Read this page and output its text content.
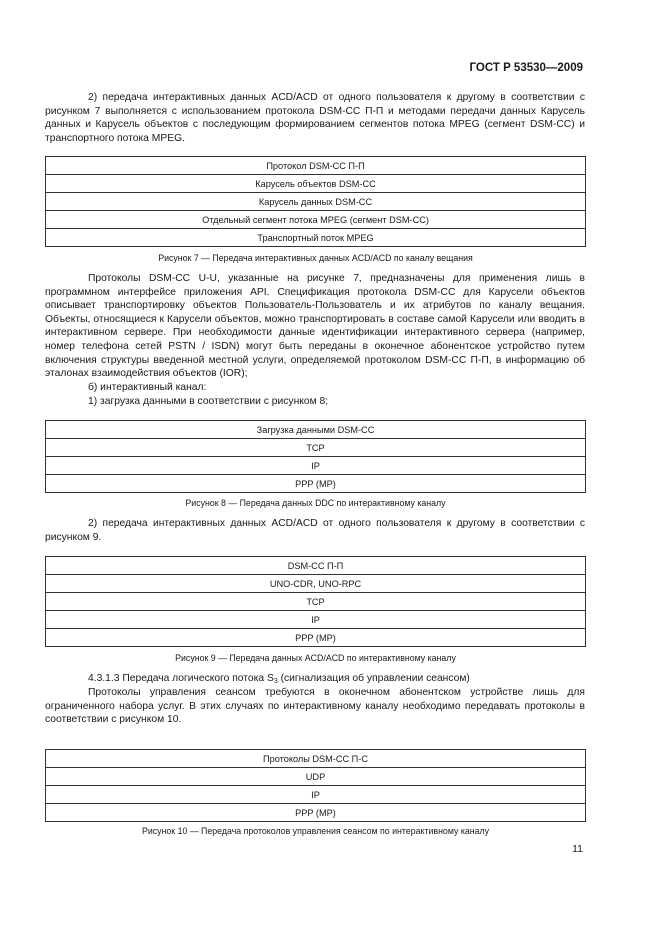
ГОСТ Р 53530—2009

2) передача интерактивных данных ACD/ACD от одного пользователя к другому в соответствии с рисунком 7 выполняется с использованием протокола DSM-CC П-П и методами передачи данных Карусель данных и Карусель объектов с последующим формированием сегментов потока MPEG (сегмент DSM-CC) и транспортного потока MPEG.

Протокол DSM-CC П-П
Карусель объектов DSM-CC
Карусель данных DSM-CC
Отдельный сегмент потока MPEG (сегмент DSM-CC)
Транспортный поток MPEG
Рисунок 7 — Передача интерактивных данных ACD/ACD по каналу вещания

Протоколы DSM-CC U-U, указанные на рисунке 7, предназначены для применения лишь в программном интерфейсе приложения API. Спецификация протокола DSM-CC для Карусели объектов описывает транспортировку объектов Пользователь-Пользователь и их атрибутов по каналу вещания. Объекты, относящиеся к Карусели объектов, можно транспортировать в составе самой Карусели или вводить в интерактивном сервере. При необходимости данные идентификации интерактивного сервера (например, номер телефона сетей PSTN / ISDN) могут быть переданы в оконечное абонентское устройство путем включения структуры введенной местной услуги, определяемой протоколом DSM-CC П-П, в информацию об эталонах взаимодействия объектов (IOR);

б) интерактивный канал:

1) загрузка данными в соответствии с рисунком 8;

Загрузка данными DSM-CC
TCP
IP
PPP (MP)
Рисунок 8 — Передача данных DDC по интерактивному каналу

2) передача интерактивных данных ACD/ACD от одного пользователя к другому в соответствии с рисунком 9.

DSM-CC П-П
UNO-CDR, UNO-RPC
TCP
IP
PPP (MP)
Рисунок 9 — Передача данных ACD/ACD по интерактивному каналу

4.3.1.3 Передача логического потока $S_3$ (сигнализация об управлении сеансом)

Протоколы управления сеансом требуются в оконечном абонентском устройстве лишь для ограниченного набора услуг. В этих случаях по интерактивному каналу необходимо передавать протоколы в соответствии с рисунком 10.

Протоколы DSM-CC П-С
UDP
IP
PPP (MP)
Рисунок 10 — Передача протоколов управления сеансом по интерактивному каналу
11
